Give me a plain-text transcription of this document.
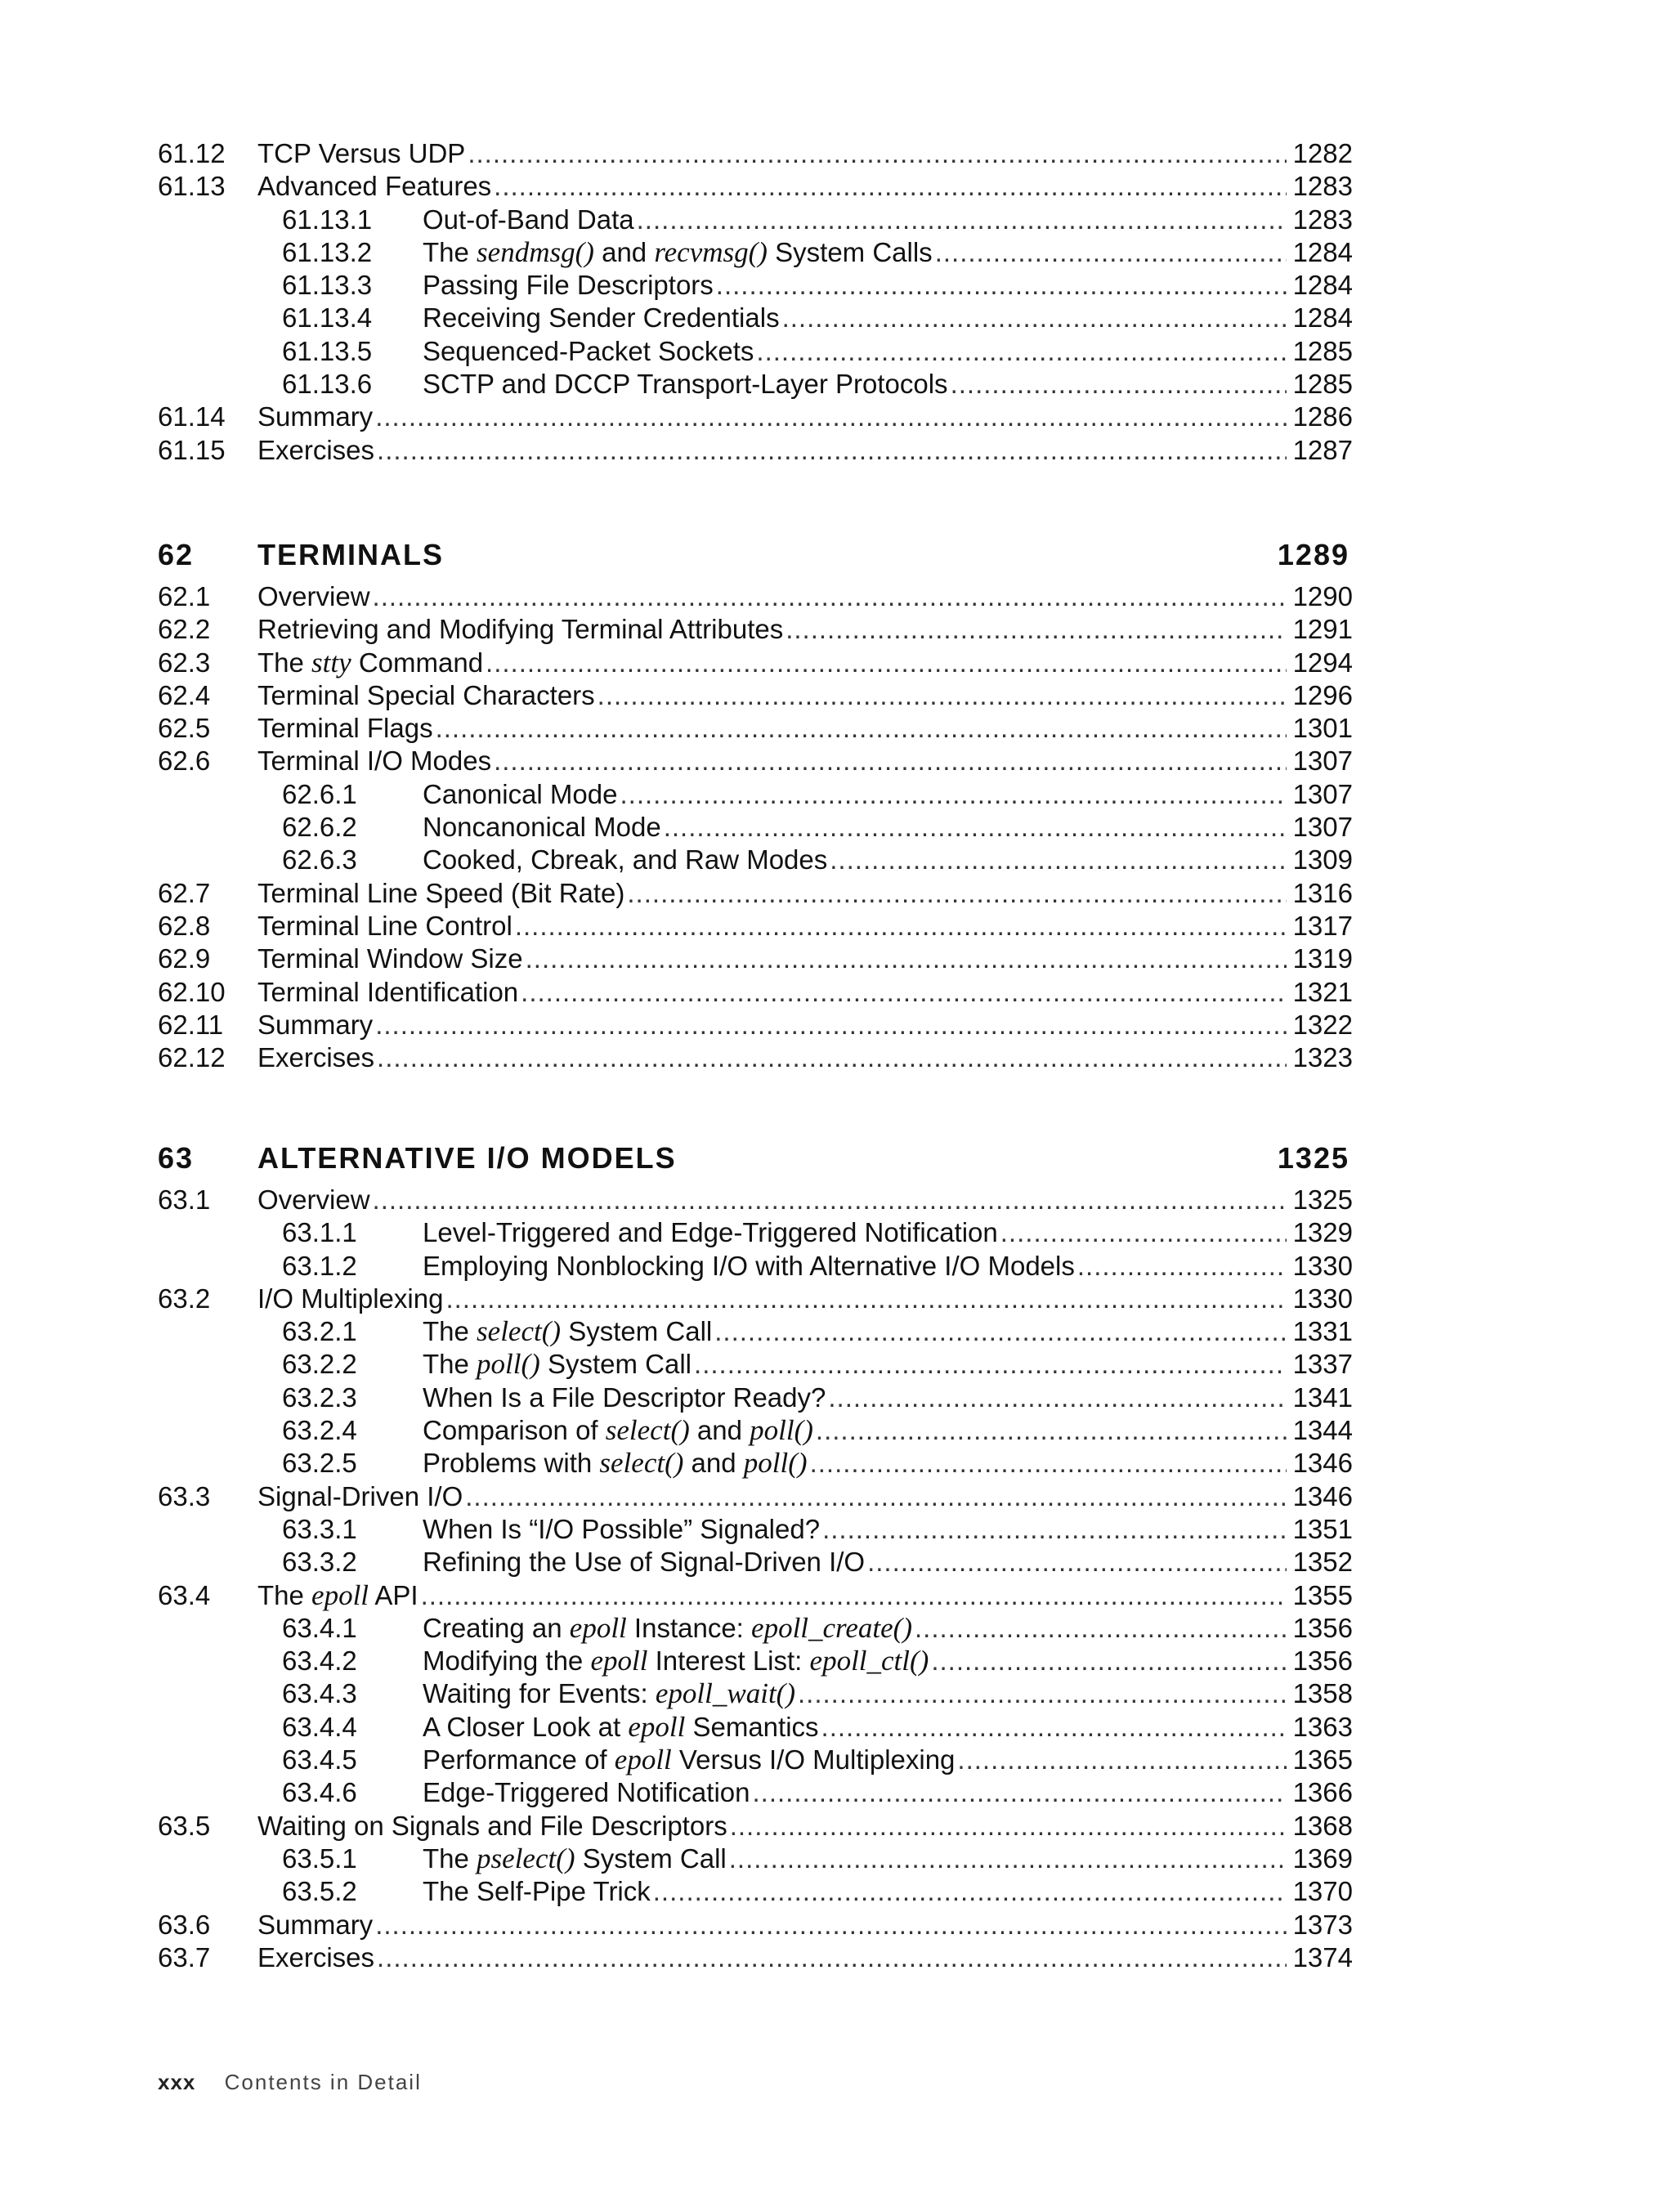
61.12 TCP Versus UDP .....	1282
61.13 Advanced Features .....	1283
61.13.1 Out-of-Band Data .....	1283
61.13.2 The sendmsg() and recvmsg() System Calls .....	1284
61.13.3 Passing File Descriptors .....	1284
61.13.4 Receiving Sender Credentials .....	1284
61.13.5 Sequenced-Packet Sockets .....	1285
61.13.6 SCTP and DCCP Transport-Layer Protocols .....	1285
61.14 Summary .....	1286
61.15 Exercises .....	1287
62 TERMINALS	1289
62.1 Overview .....	1290
62.2 Retrieving and Modifying Terminal Attributes .....	1291
62.3 The stty Command .....	1294
62.4 Terminal Special Characters .....	1296
62.5 Terminal Flags .....	1301
62.6 Terminal I/O Modes .....	1307
62.6.1 Canonical Mode .....	1307
62.6.2 Noncanonical Mode .....	1307
62.6.3 Cooked, Cbreak, and Raw Modes .....	1309
62.7 Terminal Line Speed (Bit Rate) .....	1316
62.8 Terminal Line Control .....	1317
62.9 Terminal Window Size .....	1319
62.10 Terminal Identification .....	1321
62.11 Summary .....	1322
62.12 Exercises .....	1323
63 ALTERNATIVE I/O MODELS	1325
63.1 Overview .....	1325
63.1.1 Level-Triggered and Edge-Triggered Notification .....	1329
63.1.2 Employing Nonblocking I/O with Alternative I/O Models .....	1330
63.2 I/O Multiplexing .....	1330
63.2.1 The select() System Call .....	1331
63.2.2 The poll() System Call .....	1337
63.2.3 When Is a File Descriptor Ready? .....	1341
63.2.4 Comparison of select() and poll() .....	1344
63.2.5 Problems with select() and poll() .....	1346
63.3 Signal-Driven I/O .....	1346
63.3.1 When Is “I/O Possible” Signaled? .....	1351
63.3.2 Refining the Use of Signal-Driven I/O .....	1352
63.4 The epoll API .....	1355
63.4.1 Creating an epoll Instance: epoll_create() .....	1356
63.4.2 Modifying the epoll Interest List: epoll_ctl() .....	1356
63.4.3 Waiting for Events: epoll_wait() .....	1358
63.4.4 A Closer Look at epoll Semantics .....	1363
63.4.5 Performance of epoll Versus I/O Multiplexing .....	1365
63.4.6 Edge-Triggered Notification .....	1366
63.5 Waiting on Signals and File Descriptors .....	1368
63.5.1 The pselect() System Call .....	1369
63.5.2 The Self-Pipe Trick .....	1370
63.6 Summary .....	1373
63.7 Exercises .....	1374
xxx Contents in Detail
